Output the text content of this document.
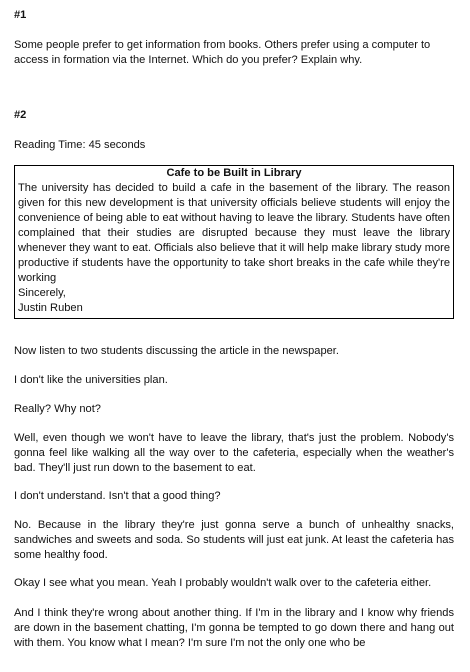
#1

Some people prefer to get information from books. Others prefer using a computer to access in formation via the Internet. Which do you prefer? Explain why.

#2

Reading Time: 45 seconds

Cafe to be Built in Library

The university has decided to build a cafe in the basement of the library. The reason given for this new development is that university officials believe students will enjoy the convenience of being able to eat without having to leave the library. Students have often complained that their studies are disrupted because they must leave the library whenever they want to eat. Officials also believe that it will help make library study more productive if students have the opportunity to take short breaks in the cafe while they're working

Sincerely,

Justin Ruben

Now listen to two students discussing the article in the newspaper.

I don't like the universities plan.

Really? Why not?

Well, even though we won't have to leave the library, that's just the problem. Nobody's gonna feel like walking all the way over to the cafeteria, especially when the weather's bad. They'll just run down to the basement to eat.

I don't understand. Isn't that a good thing?

No. Because in the library they're just gonna serve a bunch of unhealthy snacks, sandwiches and sweets and soda. So students will just eat junk. At least the cafeteria has some healthy food.

Okay I see what you mean. Yeah I probably wouldn't walk over to the cafeteria either.

And I think they're wrong about another thing. If I'm in the library and I know why friends are down in the basement chatting, I'm gonna be tempted to go down there and hang out with them. You know what I mean? I'm sure I'm not the only one who be
